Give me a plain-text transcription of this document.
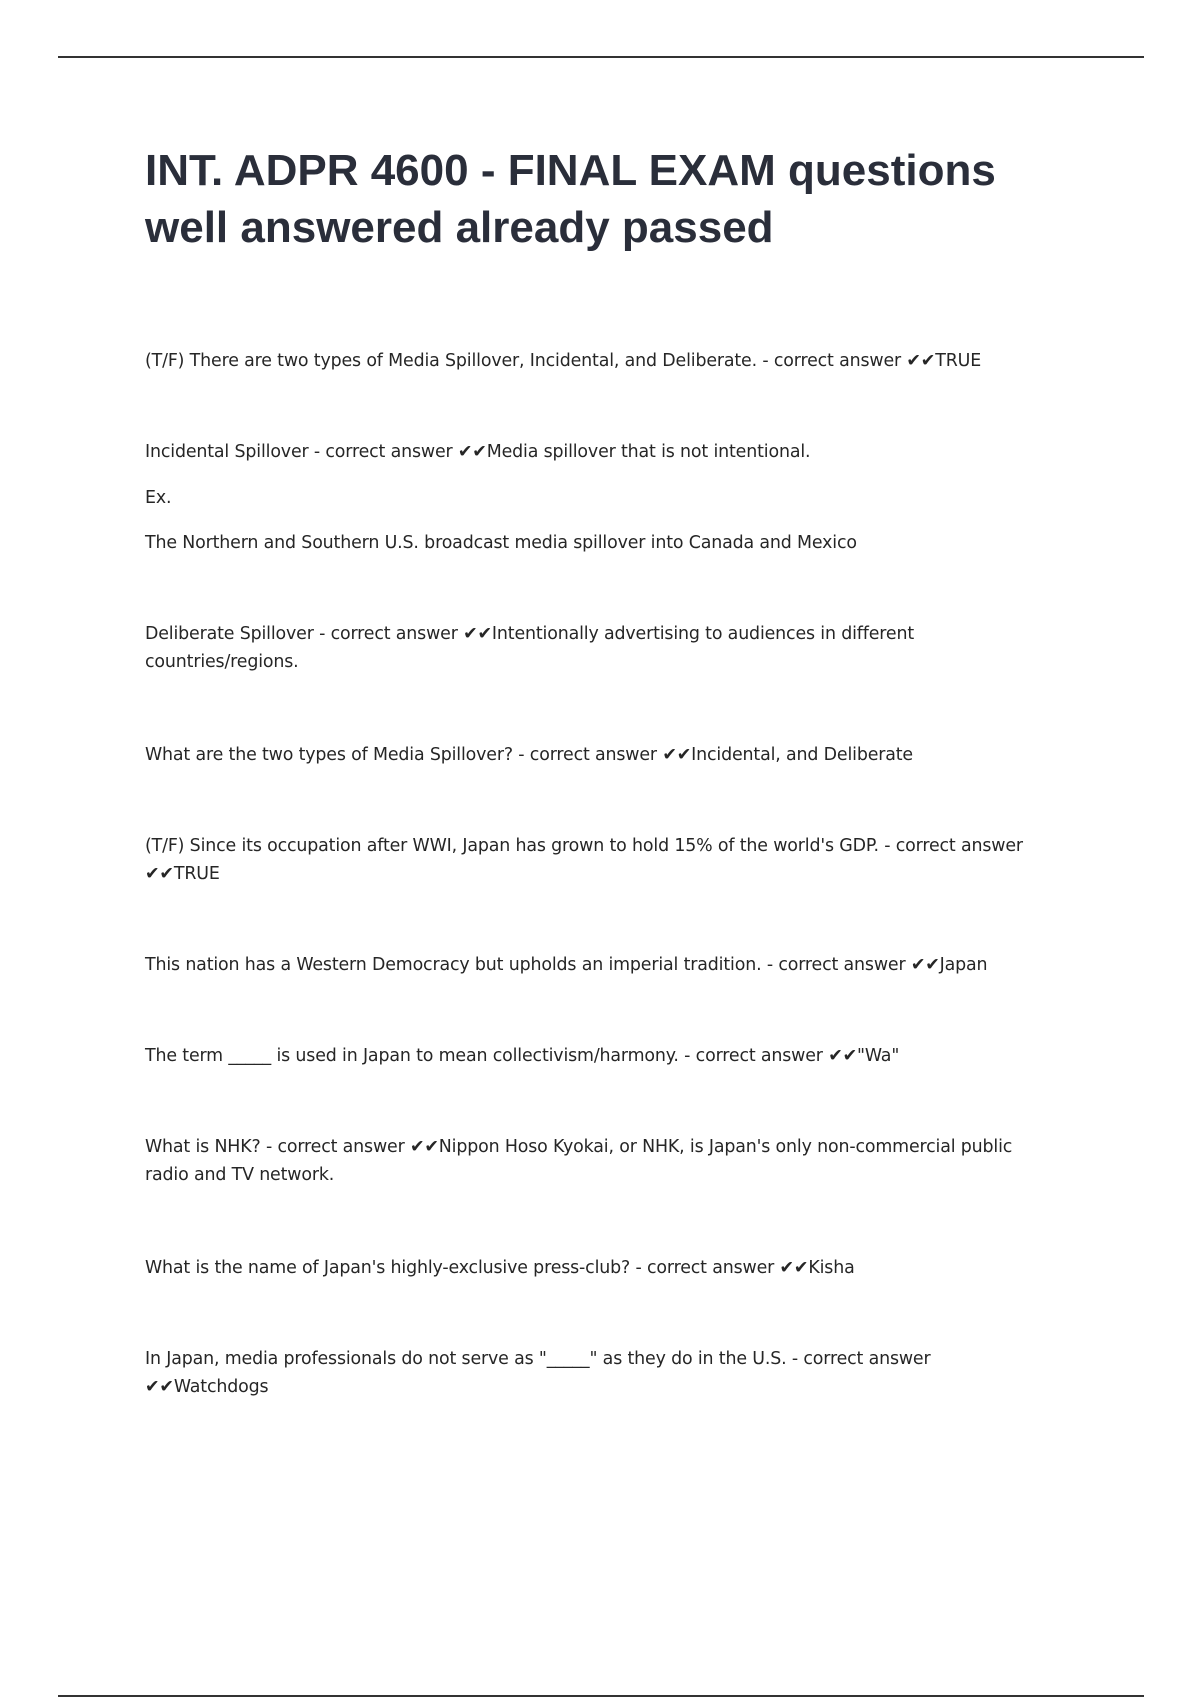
INT. ADPR 4600 - FINAL EXAM questions
well answered already passed

(T/F) There are two types of Media Spillover, Incidental, and Deliberate. - correct answer ✔✔TRUE

Incidental Spillover - correct answer ✔✔Media spillover that is not intentional.

Ex.

The Northern and Southern U.S. broadcast media spillover into Canada and Mexico

Deliberate Spillover - correct answer ✔✔Intentionally advertising to audiences in different
countries/regions.

What are the two types of Media Spillover? - correct answer ✔✔Incidental, and Deliberate

(T/F) Since its occupation after WWI, Japan has grown to hold 15% of the world's GDP. - correct answer
✔✔TRUE

This nation has a Western Democracy but upholds an imperial tradition. - correct answer ✔✔Japan

The term _____ is used in Japan to mean collectivism/harmony. - correct answer ✔✔"Wa"

What is NHK? - correct answer ✔✔Nippon Hoso Kyokai, or NHK, is Japan's only non-commercial public
radio and TV network.

What is the name of Japan's highly-exclusive press-club? - correct answer ✔✔Kisha

In Japan, media professionals do not serve as "_____" as they do in the U.S. - correct answer
✔✔Watchdogs
